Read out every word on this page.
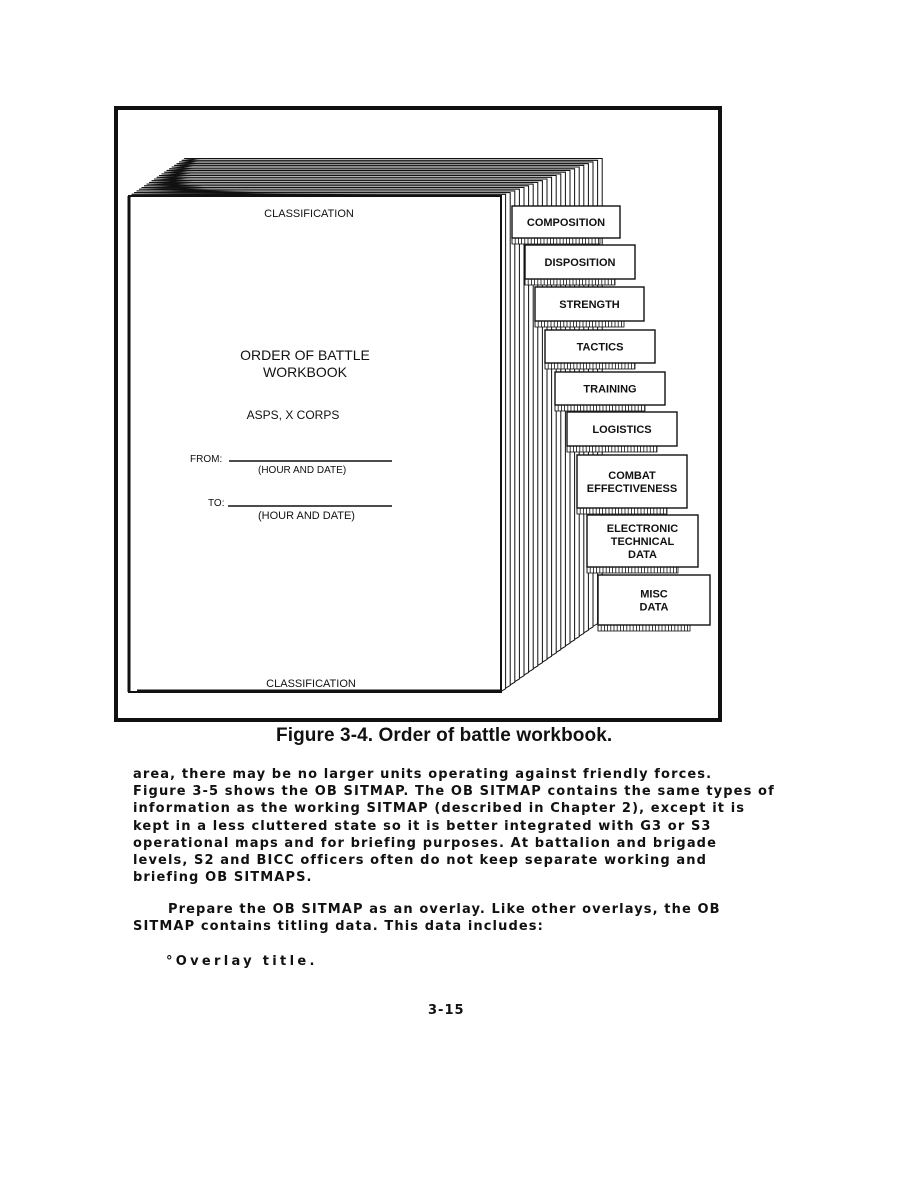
COMPOSITION
DISPOSITION
STRENGTH
TACTICS
TRAINING
LOGISTICS
COMBAT
EFFECTIVENESS
ELECTRONIC
TECHNICAL
DATA
MISC
DATA
CLASSIFICATION
ORDER OF BATTLE
WORKBOOK
ASPS, X CORPS
FROM:
(HOUR AND DATE)
TO:
(HOUR AND DATE)
CLASSIFICATION
Figure 3-4. Order of battle workbook.
area, there may be no larger units operating against friendly forces.
Figure 3-5 shows the OB SITMAP. The OB SITMAP contains the same types of
information as the working SITMAP (described in Chapter 2), except it is
kept in a less cluttered state so it is better integrated with G3 or S3
operational maps and for briefing purposes. At battalion and brigade
levels, S2 and BICC officers often do not keep separate working and
briefing OB SITMAPS.
Prepare the OB SITMAP as an overlay. Like other overlays, the OB
SITMAP contains titling data. This data includes:
°Overlay title.
3-15
